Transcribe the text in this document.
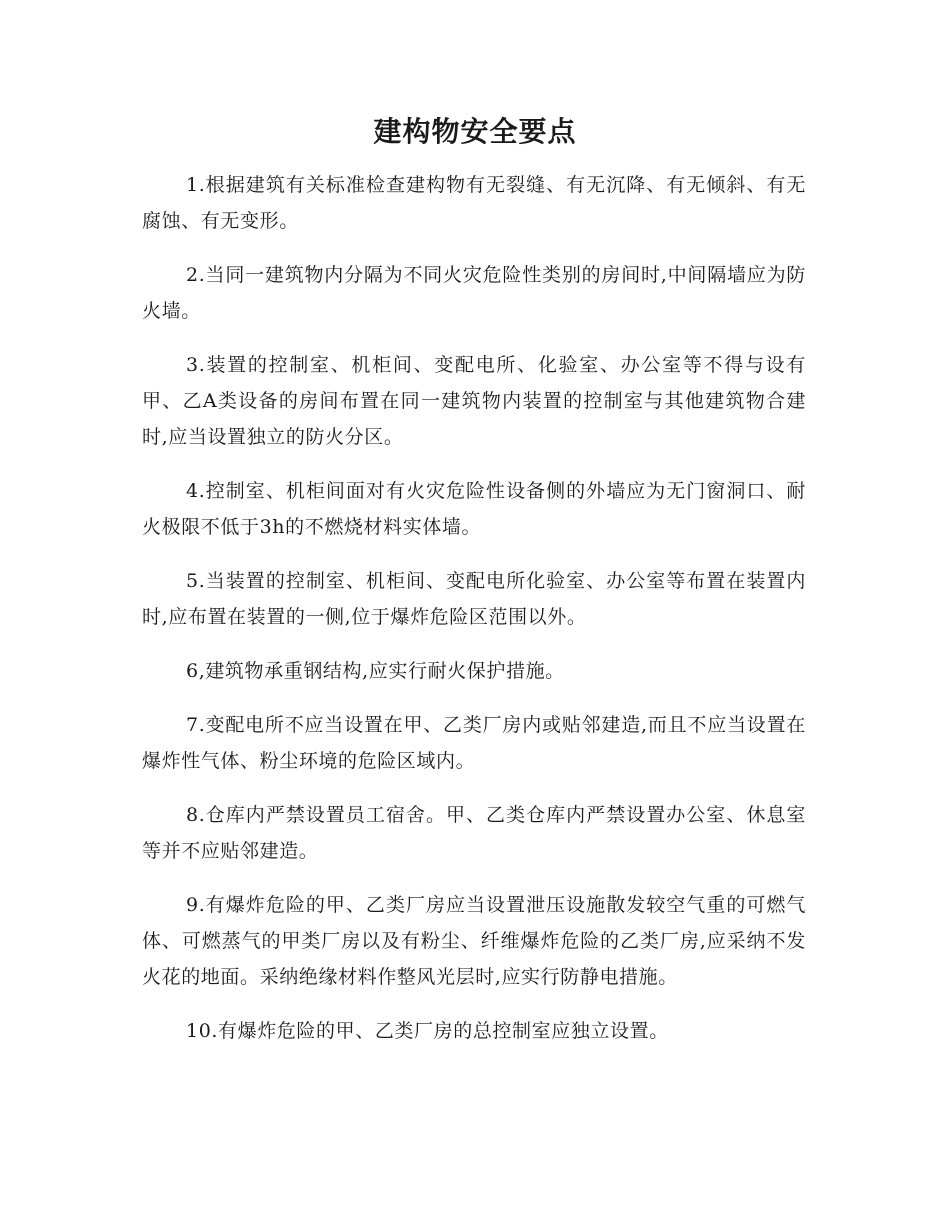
建构物安全要点

1.根据建筑有关标准检查建构物有无裂缝、有无沉降、有无倾斜、有无腐蚀、有无变形。

2.当同一建筑物内分隔为不同火灾危险性类别的房间时,中间隔墙应为防火墙。

3.装置的控制室、机柜间、变配电所、化验室、办公室等不得与设有甲、乙A类设备的房间布置在同一建筑物内装置的控制室与其他建筑物合建时,应当设置独立的防火分区。

4.控制室、机柜间面对有火灾危险性设备侧的外墙应为无门窗洞口、耐火极限不低于3h的不燃烧材料实体墙。

5.当装置的控制室、机柜间、变配电所化验室、办公室等布置在装置内时,应布置在装置的一侧,位于爆炸危险区范围以外。

6,建筑物承重钢结构,应实行耐火保护措施。

7.变配电所不应当设置在甲、乙类厂房内或贴邻建造,而且不应当设置在爆炸性气体、粉尘环境的危险区域内。

8.仓库内严禁设置员工宿舍。甲、乙类仓库内严禁设置办公室、休息室等并不应贴邻建造。

9.有爆炸危险的甲、乙类厂房应当设置泄压设施散发较空气重的可燃气体、可燃蒸气的甲类厂房以及有粉尘、纤维爆炸危险的乙类厂房,应采纳不发火花的地面。采纳绝缘材料作整风光层时,应实行防静电措施。

10.有爆炸危险的甲、乙类厂房的总控制室应独立设置。
